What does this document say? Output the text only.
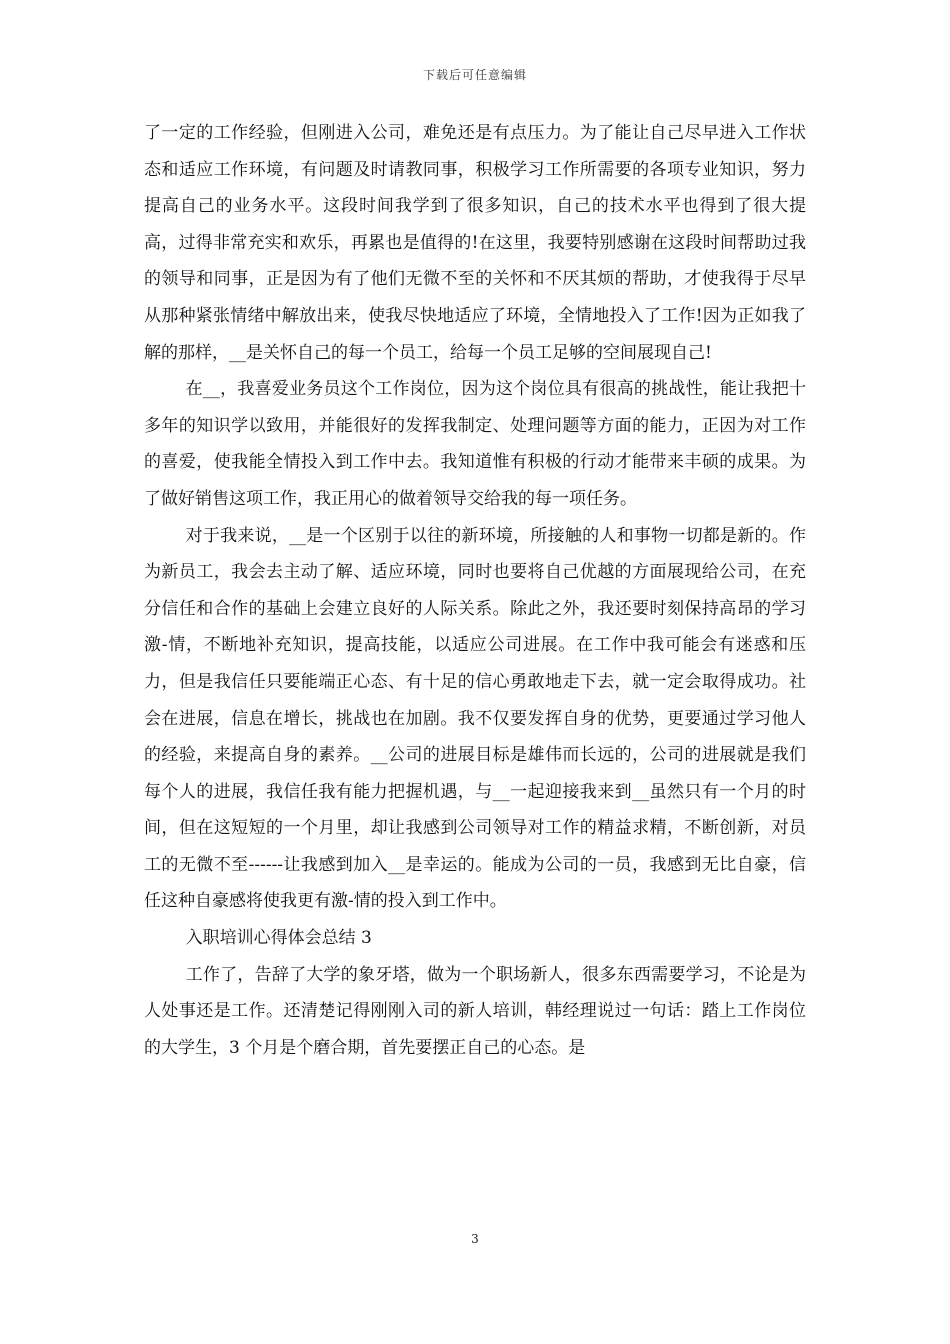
下载后可任意编辑

了一定的工作经验，但刚进入公司，难免还是有点压力。为了能让自己尽早进入工作状态和适应工作环境，有问题及时请教同事，积极学习工作所需要的各项专业知识，努力提高自己的业务水平。这段时间我学到了很多知识，自己的技术水平也得到了很大提高，过得非常充实和欢乐，再累也是值得的!在这里，我要特别感谢在这段时间帮助过我的领导和同事，正是因为有了他们无微不至的关怀和不厌其烦的帮助，才使我得于尽早从那种紧张情绪中解放出来，使我尽快地适应了环境，全情地投入了工作!因为正如我了解的那样，__是关怀自己的每一个员工，给每一个员工足够的空间展现自己!

在__，我喜爱业务员这个工作岗位，因为这个岗位具有很高的挑战性，能让我把十多年的知识学以致用，并能很好的发挥我制定、处理问题等方面的能力，正因为对工作的喜爱，使我能全情投入到工作中去。我知道惟有积极的行动才能带来丰硕的成果。为了做好销售这项工作，我正用心的做着领导交给我的每一项任务。

对于我来说，__是一个区别于以往的新环境，所接触的人和事物一切都是新的。作为新员工，我会去主动了解、适应环境，同时也要将自己优越的方面展现给公司，在充分信任和合作的基础上会建立良好的人际关系。除此之外，我还要时刻保持高昂的学习激-情，不断地补充知识，提高技能，以适应公司进展。在工作中我可能会有迷惑和压力，但是我信任只要能端正心态、有十足的信心勇敢地走下去，就一定会取得成功。社会在进展，信息在增长，挑战也在加剧。我不仅要发挥自身的优势，更要通过学习他人的经验，来提高自身的素养。__公司的进展目标是雄伟而长远的，公司的进展就是我们每个人的进展，我信任我有能力把握机遇，与__一起迎接我来到__虽然只有一个月的时间，但在这短短的一个月里，却让我感到公司领导对工作的精益求精，不断创新，对员工的无微不至------让我感到加入__是幸运的。能成为公司的一员，我感到无比自豪，信任这种自豪感将使我更有激-情的投入到工作中。

入职培训心得体会总结 3

工作了，告辞了大学的象牙塔，做为一个职场新人，很多东西需要学习，不论是为人处事还是工作。还清楚记得刚刚入司的新人培训，韩经理说过一句话：踏上工作岗位的大学生，3 个月是个磨合期，首先要摆正自己的心态。是

3
